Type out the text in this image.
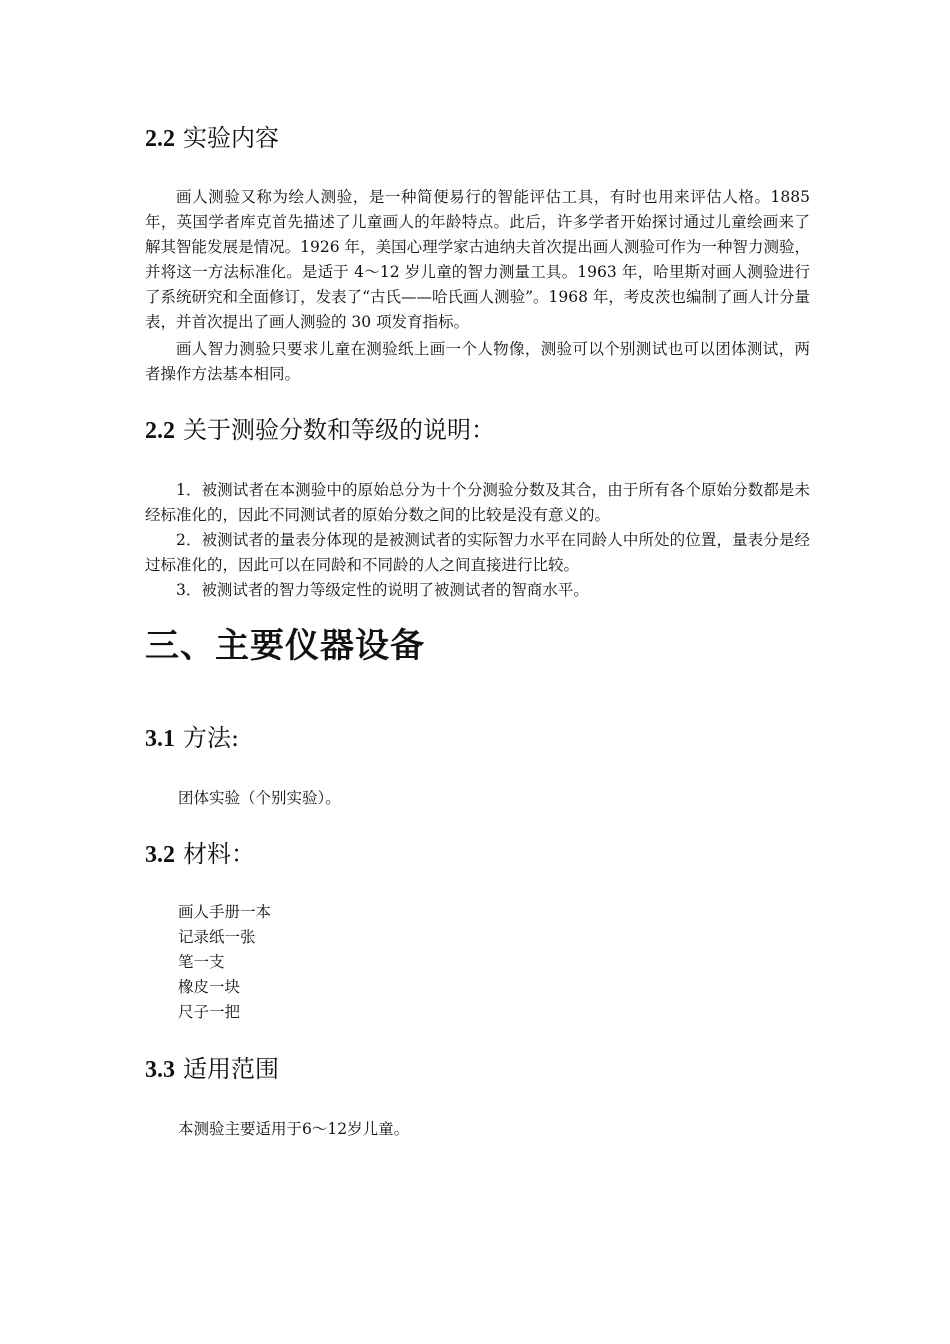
2.2 实验内容

画人测验又称为绘人测验，是一种简便易行的智能评估工具，有时也用来评估人格。1885年，英国学者库克首先描述了儿童画人的年龄特点。此后，许多学者开始探讨通过儿童绘画来了解其智能发展是情况。1926 年，美国心理学家古迪纳夫首次提出画人测验可作为一种智力测验，并将这一方法标准化。是适于 4～12 岁儿童的智力测量工具。1963 年，哈里斯对画人测验进行了系统研究和全面修订，发表了“古氏——哈氏画人测验”。1968 年，考皮茨也编制了画人计分量表，并首次提出了画人测验的 30 项发育指标。

画人智力测验只要求儿童在测验纸上画一个人物像，测验可以个别测试也可以团体测试，两者操作方法基本相同。

2.2 关于测验分数和等级的说明：

1．被测试者在本测验中的原始总分为十个分测验分数及其合，由于所有各个原始分数都是未经标准化的，因此不同测试者的原始分数之间的比较是没有意义的。

2．被测试者的量表分体现的是被测试者的实际智力水平在同龄人中所处的位置，量表分是经过标准化的，因此可以在同龄和不同龄的人之间直接进行比较。

3．被测试者的智力等级定性的说明了被测试者的智商水平。

三、主要仪器设备
3.1 方法:

团体实验（个别实验）。

3.2 材料：
画人手册一本
记录纸一张
笔一支
橡皮一块
尺子一把
3.3 适用范围

本测验主要适用于6～12岁儿童。
